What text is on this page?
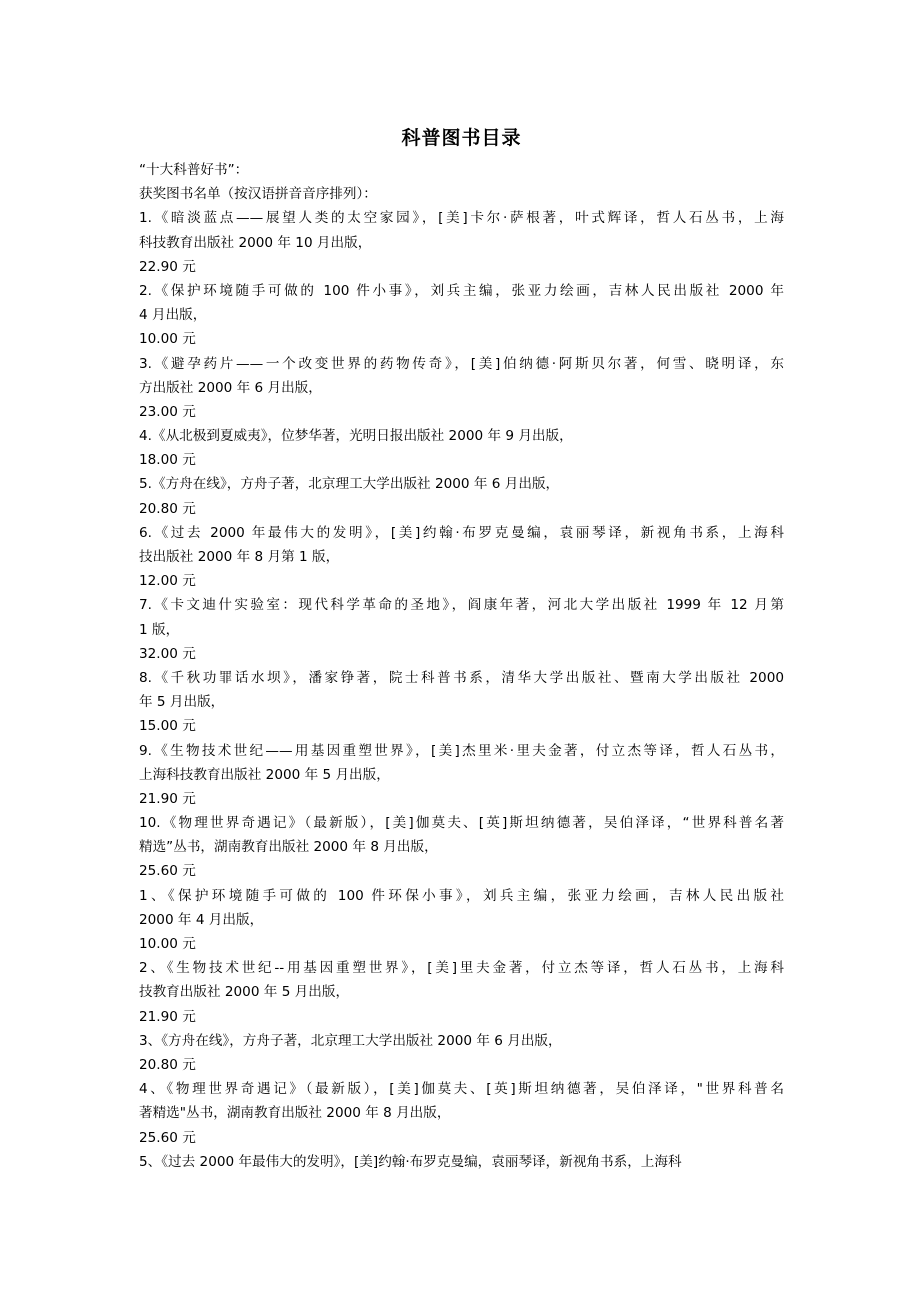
科普图书目录
“十大科普好书”：
获奖图书名单（按汉语拼音音序排列）：
1.《暗淡蓝点——展望人类的太空家园》，[美]卡尔·萨根著，叶式辉译，哲人石丛书，上海
科技教育出版社 2000 年 10 月出版，
22.90 元
2.《保护环境随手可做的 100 件小事》，刘兵主编，张亚力绘画，吉林人民出版社 2000 年
4 月出版，
10.00 元
3.《避孕药片——一个改变世界的药物传奇》，[美]伯纳德·阿斯贝尔著，何雪、晓明译，东
方出版社 2000 年 6 月出版，
23.00 元
4.《从北极到夏威夷》，位梦华著，光明日报出版社 2000 年 9 月出版，
18.00 元
5.《方舟在线》，方舟子著，北京理工大学出版社 2000 年 6 月出版，
20.80 元
6.《过去 2000 年最伟大的发明》，[美]约翰·布罗克曼编，袁丽琴译，新视角书系，上海科
技出版社 2000 年 8 月第 1 版，
12.00 元
7.《卡文迪什实验室：现代科学革命的圣地》，阎康年著，河北大学出版社 1999 年 12 月第
1 版，
32.00 元
8.《千秋功罪话水坝》，潘家铮著，院士科普书系，清华大学出版社、暨南大学出版社 2000
年 5 月出版，
15.00 元
9.《生物技术世纪——用基因重塑世界》，[美]杰里米·里夫金著，付立杰等译，哲人石丛书，
上海科技教育出版社 2000 年 5 月出版，
21.90 元
10.《物理世界奇遇记》（最新版），[美]伽莫夫、[英]斯坦纳德著，吴伯泽译，“世界科普名著
精选”丛书，湖南教育出版社 2000 年 8 月出版，
25.60 元
1、《保护环境随手可做的 100 件环保小事》，刘兵主编，张亚力绘画，吉林人民出版社
2000 年 4 月出版，
10.00 元
2、《生物技术世纪--用基因重塑世界》，[美]里夫金著，付立杰等译，哲人石丛书，上海科
技教育出版社 2000 年 5 月出版，
21.90 元
3、《方舟在线》，方舟子著，北京理工大学出版社 2000 年 6 月出版，
20.80 元
4、《物理世界奇遇记》（最新版），[美]伽莫夫、[英]斯坦纳德著，吴伯泽译，"世界科普名
著精选"丛书，湖南教育出版社 2000 年 8 月出版，
25.60 元
5、《过去 2000 年最伟大的发明》，[美]约翰·布罗克曼编，袁丽琴译，新视角书系，上海科
